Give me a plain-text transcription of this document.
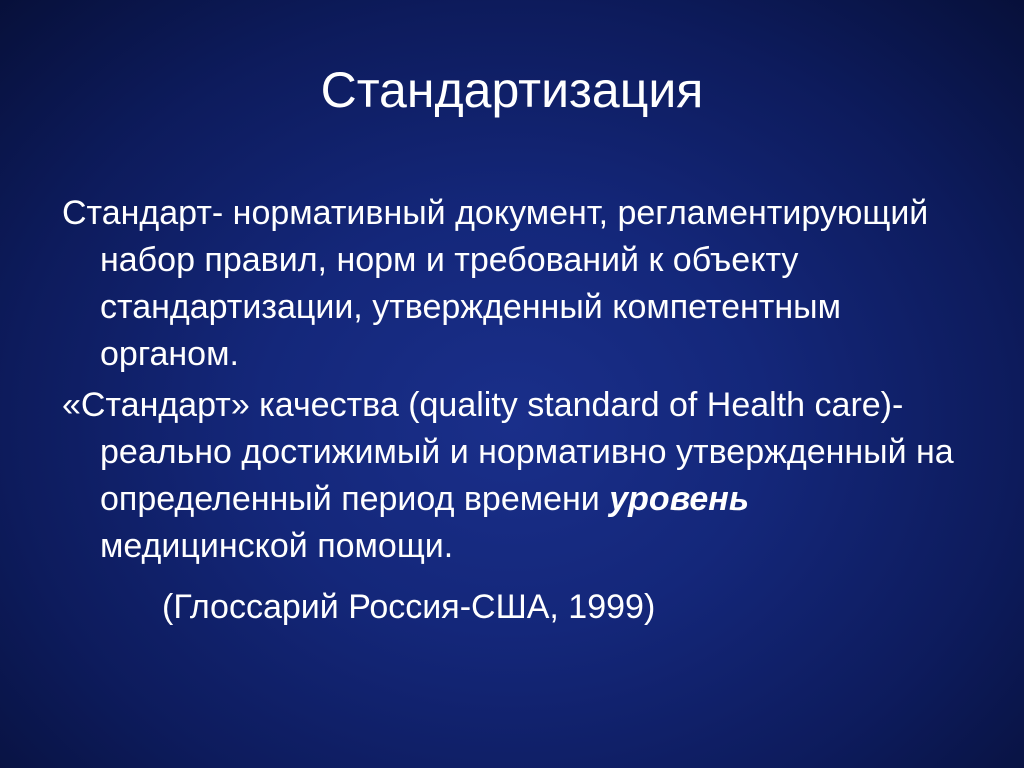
Стандартизация

Стандарт- нормативный документ, регламентирующий набор правил, норм и требований к объекту стандартизации, утвержденный компетентным органом.

«Стандарт» качества (quality standard of Health care)- реально достижимый и нормативно утвержденный на определенный период времени уровень медицинской помощи.

(Глоссарий Россия-США, 1999)
